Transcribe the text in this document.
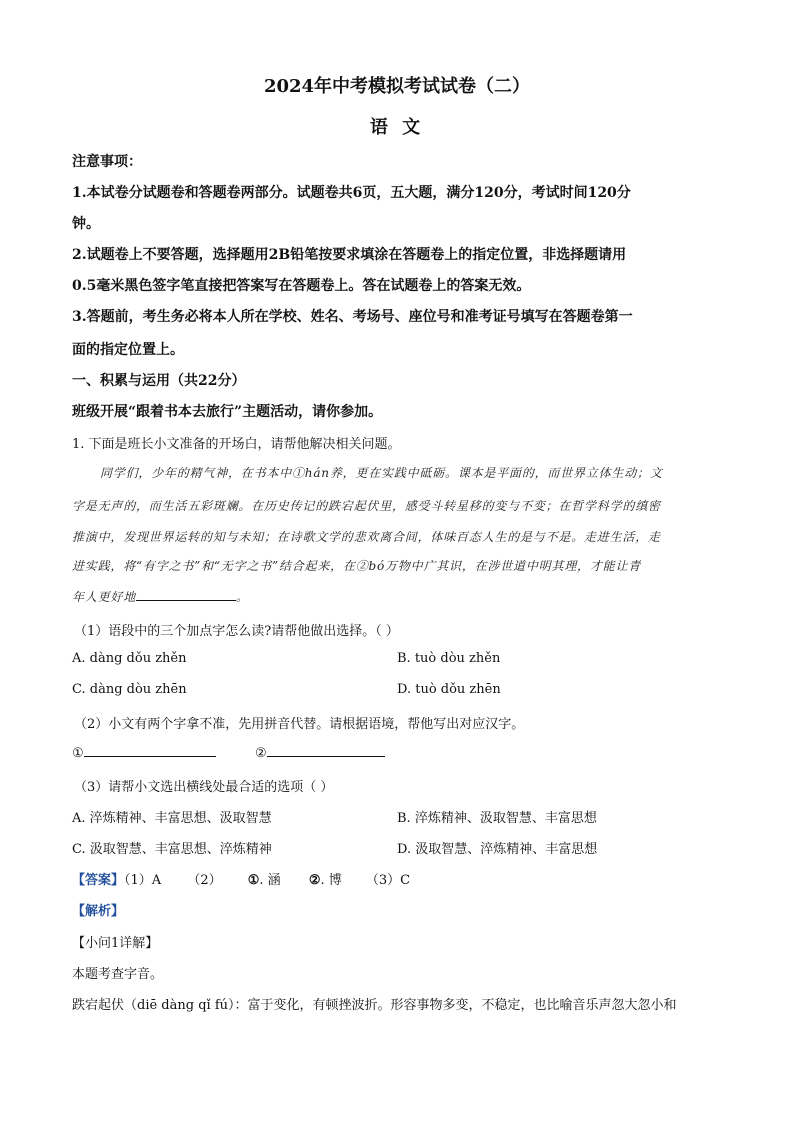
2024年中考模拟考试试卷（二）
语 文
注意事项：
1.本试卷分试题卷和答题卷两部分。试题卷共6页，五大题，满分120分，考试时间120分
钟。
2.试题卷上不要答题，选择题用2B铅笔按要求填涂在答题卷上的指定位置，非选择题请用
0.5毫米黑色签字笔直接把答案写在答题卷上。答在试题卷上的答案无效。
3.答题前，考生务必将本人所在学校、姓名、考场号、座位号和准考证号填写在答题卷第一
面的指定位置上。
一、积累与运用（共22分）
班级开展“跟着书本去旅行”主题活动，请你参加。
1. 下面是班长小文准备的开场白，请帮他解决相关问题。
同学们，少年的精气神，在书本中①hán养，更在实践中砥砺。课本是平面的，而世界立体生动；文
字是无声的，而生活五彩斑斓。在历史传记的跌宕起伏里，感受斗转星移的变与不变；在哲学科学的缜密
推演中，发现世界运转的知与未知；在诗歌文学的悲欢离合间，体味百态人生的是与不是。走进生活，走
进实践，将“有字之书”和“无字之书”结合起来，在②bó万物中广其识，在涉世道中明其理，才能让青
年人更好地	。
（1）语段中的三个加点字怎么读?请帮他做出选择。（ ）
A. dàng dǒu zhěn	B. tuò dòu zhěn
C. dàng dòu zhēn	D. tuò dǒu zhēn
（2）小文有两个字拿不准，先用拼音代替。请根据语境，帮他写出对应汉字。
①	②
（3）请帮小文选出横线处最合适的选项（ ）
A. 淬炼精神、丰富思想、汲取智慧	B. 淬炼精神、汲取智慧、丰富思想
C. 汲取智慧、丰富思想、淬炼精神	D. 汲取智慧、淬炼精神、丰富思想
【答案】（1）A （2） ①. 涵 ②. 博 （3）C
【解析】
【小问1详解】
本题考查字音。
跌宕起伏（diē dàng qǐ fú）：富于变化，有顿挫波折。形容事物多变，不稳定，也比喻音乐声忽大忽小和
